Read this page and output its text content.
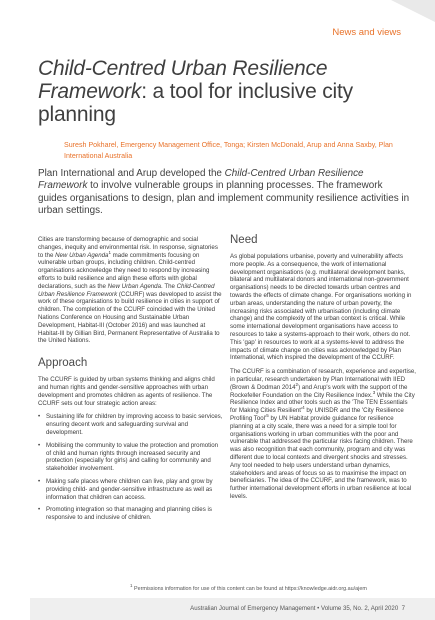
News and views
Child-Centred Urban Resilience Framework: a tool for inclusive city planning

Suresh Pokharel, Emergency Management Office, Tonga; Kirsten McDonald, Arup and Anna Saxby, Plan International Australia

Plan International and Arup developed the Child-Centred Urban Resilience Framework to involve vulnerable groups in planning processes. The framework guides organisations to design, plan and implement community resilience activities in urban settings.

Cities are transforming because of demographic and social changes, inequity and environmental risk. In response, signatories to the New Urban Agenda$^1$ made commitments focusing on vulnerable urban groups, including children. Child-centred organisations acknowledge they need to respond by increasing efforts to build resilience and align these efforts with global declarations, such as the New Urban Agenda. The Child-Centred Urban Resilience Framework (CCURF) was developed to assist the work of these organisations to build resilience in cities in support of children. The completion of the CCURF coincided with the United Nations Conference on Housing and Sustainable Urban Development, Habitat-III (October 2016) and was launched at Habitat-III by Gillian Bird, Permanent Representative of Australia to the United Nations.

Approach

The CCURF is guided by urban systems thinking and aligns child and human rights and gender-sensitive approaches with urban development and promotes children as agents of resilience. The CCURF sets out four strategic action areas:

• Sustaining life for children by improving access to basic services, ensuring decent work and safeguarding survival and development.
• Mobilising the community to value the protection and promotion of child and human rights through increased security and protection (especially for girls) and calling for community and stakeholder involvement.
• Making safe places where children can live, play and grow by providing child- and gender-sensitive infrastructure as well as information that children can access.
• Promoting integration so that managing and planning cities is responsive to and inclusive of children.
Need

As global populations urbanise, poverty and vulnerability affects more people. As a consequence, the work of international development organisations (e.g. multilateral development banks, bilateral and multilateral donors and international non-government organisations) needs to be directed towards urban centres and towards the effects of climate change. For organisations working in urban areas, understanding the nature of urban poverty, the increasing risks associated with urbanisation (including climate change) and the complexity of the urban context is critical. While some international development organisations have access to resources to take a systems-approach to their work, others do not. This 'gap' in resources to work at a systems-level to address the impacts of climate change on cities was acknowledged by Plan International, which inspired the development of the CCURF.

The CCURF is a combination of research, experience and expertise, in particular, research undertaken by Plan International with IIED (Brown & Dodman 2014$^2$) and Arup's work with the support of the Rockefeller Foundation on the City Resilience Index.$^3$ While the City Resilience Index and other tools such as the 'The TEN Essentials for Making Cities $Resilient'^4$ by UNISDR and the 'City Resilience Profiling $Tool'^5$ by UN Habitat provide guidance for resilience planning at a city scale, there was a need for a simple tool for organisations working in urban communities with the poor and vulnerable that addressed the particular risks facing children. There was also recognition that each community, program and city was different due to local contexts and divergent shocks and stresses. Any tool needed to help users understand urban dynamics, stakeholders and areas of focus so as to maximise the impact on beneficiaries. The idea of the CCURF, and the framework, was to further international development efforts in urban resilience at local levels.

$^1$ Permissions information for use of this content can be found at https://knowledge.aidr.org.au/ajem

Australian Journal of Emergency Management • Volume 35, No. 2, April 2020 7
